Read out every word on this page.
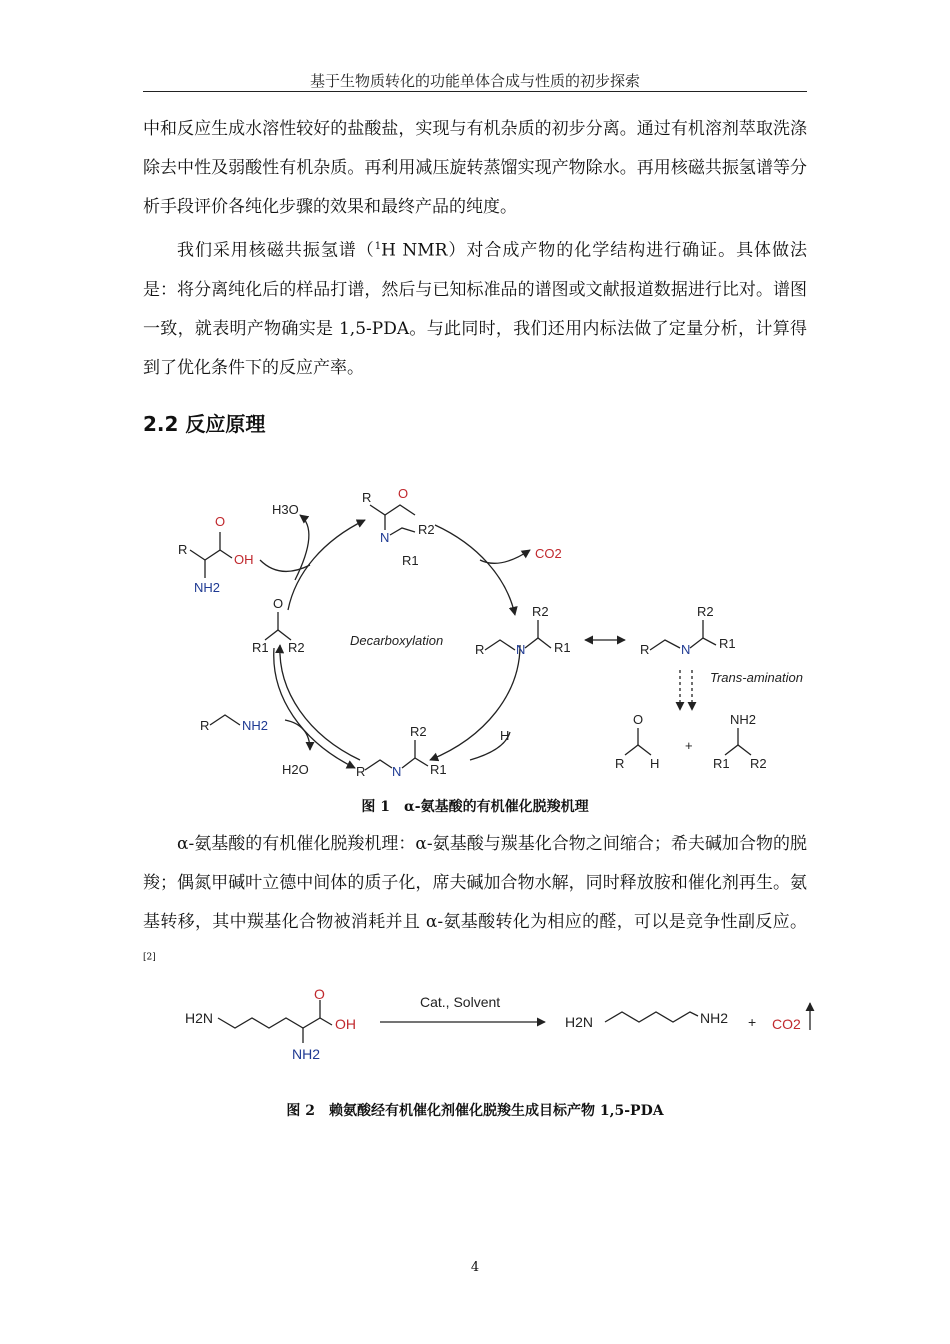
基于生物质转化的功能单体合成与性质的初步探索

中和反应生成水溶性较好的盐酸盐，实现与有机杂质的初步分离。通过有机溶剂萃取洗涤除去中性及弱酸性有机杂质。再利用减压旋转蒸馏实现产物除水。再用核磁共振氢谱等分析手段评价各纯化步骤的效果和最终产品的纯度。

我们采用核磁共振氢谱（$^1$H NMR）对合成产物的化学结构进行确证。具体做法是：将分离纯化后的样品打谱，然后与已知标准品的谱图或文献报道数据进行比对。谱图一致，就表明产物确实是 1,5-PDA。与此同时，我们还用内标法做了定量分析，计算得到了优化条件下的反应产率。

2.2 反应原理
R
O
OH
NH2
H3O
R O
N
R2
R1	CO2
Decarboxylation
R1 R2
O
R N
R2
R1	R N
R2
R1
Trans-amination
R	NH2
H2O
H
R N
R2
R1
O
R H
+
NH2
R1 R2
图 1　α-氨基酸的有机催化脱羧机理

α-氨基酸的有机催化脱羧机理：α-氨基酸与羰基化合物之间缩合；希夫碱加合物的脱羧；偶氮甲碱叶立德中间体的质子化，席夫碱加合物水解，同时释放胺和催化剂再生。氨基转移，其中羰基化合物被消耗并且 α-氨基酸转化为相应的醛，可以是竞争性副反应。[2]

H2N
O
OH
NH2
Cat., Solvent
H2N	NH2 + CO2
图 2　赖氨酸经有机催化剂催化脱羧生成目标产物 1,5-PDA
4
